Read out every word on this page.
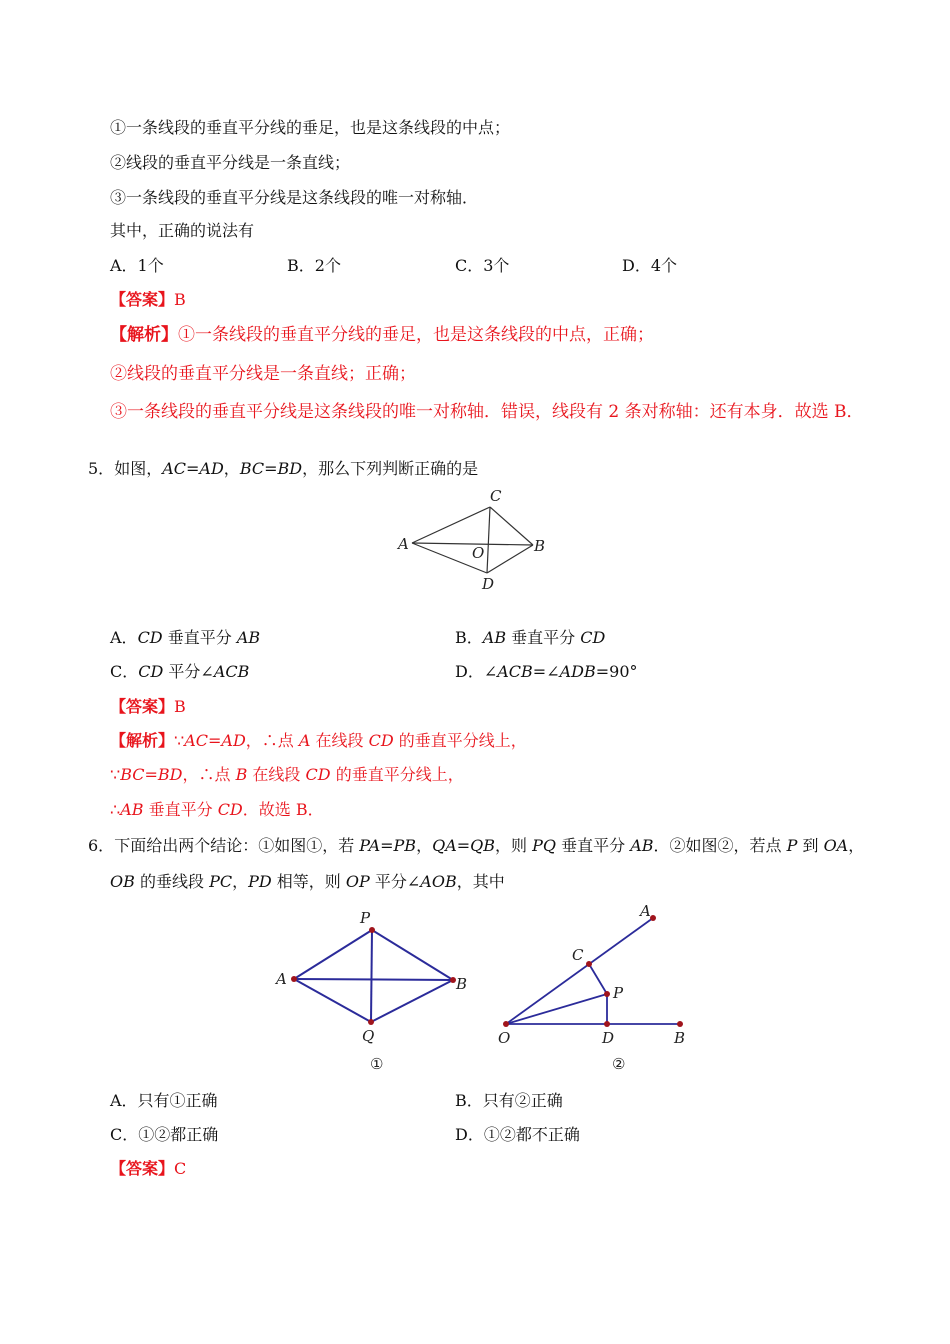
①一条线段的垂直平分线的垂足，也是这条线段的中点；
②线段的垂直平分线是一条直线；
③一条线段的垂直平分线是这条线段的唯一对称轴．
其中，正确的说法有
A．1个	B．2个	C．3个	D．4个
【答案】B
【解析】①一条线段的垂直平分线的垂足，也是这条线段的中点，正确；
②线段的垂直平分线是一条直线；正确；
③一条线段的垂直平分线是这条线段的唯一对称轴．错误，线段有 2 条对称轴：还有本身．故选 B．
5．如图，AC=AD，BC=BD，那么下列判断正确的是
C
A	O	B
D
A．CD 垂直平分 AB	B．AB 垂直平分 CD
C．CD 平分∠ACB	D．∠ACB=∠ADB=90°
【答案】B
【解析】∵AC=AD，∴点 A 在线段 CD 的垂直平分线上，
∵BC=BD，∴点 B 在线段 CD 的垂直平分线上，
∴AB 垂直平分 CD．故选 B．
6．下面给出两个结论：①如图①，若 PA=PB，QA=QB，则 PQ 垂直平分 AB．②如图②，若点 P 到 OA，
OB 的垂线段 PC，PD 相等，则 OP 平分∠AOB，其中
P
A	B
Q
①
A
C
P
O	D	B
②
A．只有①正确	B．只有②正确
C．①②都正确	D．①②都不正确
【答案】C
